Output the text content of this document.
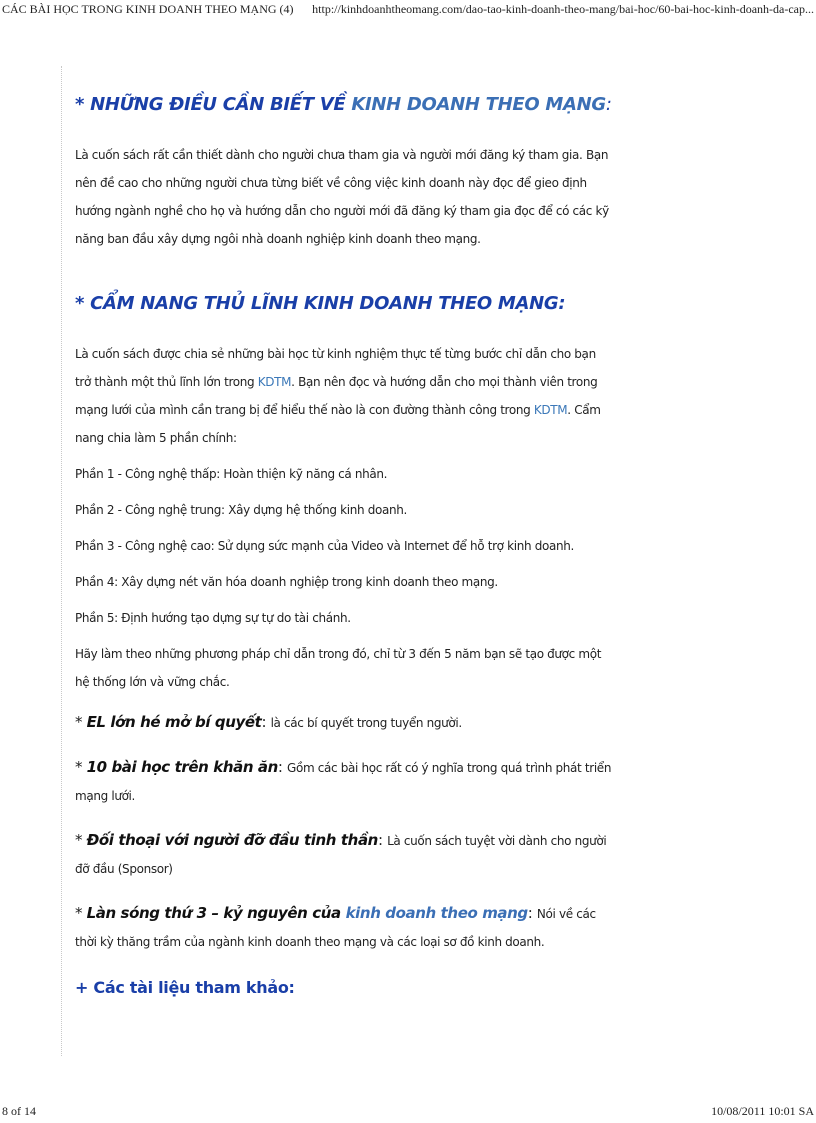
CÁC BÀI HỌC TRONG KINH DOANH THEO MẠNG (4) http://kinhdoanhtheomang.com/dao-tao-kinh-doanh-theo-mang/bai-hoc/60-bai-hoc-kinh-doanh-da-cap...
* NHỮNG ĐIỀU CẦN BIẾT VỀ KINH DOANH THEO MẠNG:

Là cuốn sách rất cần thiết dành cho người chưa tham gia và người mới đăng ký tham gia. Bạn nên đề cao cho những người chưa từng biết về công việc kinh doanh này đọc để gieo định hướng ngành nghề cho họ và hướng dẫn cho người mới đã đăng ký tham gia đọc để có các kỹ năng ban đầu xây dựng ngôi nhà doanh nghiệp kinh doanh theo mạng.

* CẨM NANG THỦ LĨNH KINH DOANH THEO MẠNG:

Là cuốn sách được chia sẻ những bài học từ kinh nghiệm thực tế từng bước chỉ dẫn cho bạn trở thành một thủ lĩnh lớn trong KDTM. Bạn nên đọc và hướng dẫn cho mọi thành viên trong mạng lưới của mình cần trang bị để hiểu thế nào là con đường thành công trong KDTM. Cẩm nang chia làm 5 phần chính:

Phần 1 - Công nghệ thấp: Hoàn thiện kỹ năng cá nhân.

Phần 2 - Công nghệ trung: Xây dựng hệ thống kinh doanh.

Phần 3 - Công nghệ cao: Sử dụng sức mạnh của Video và Internet để hỗ trợ kinh doanh.

Phần 4: Xây dựng nét văn hóa doanh nghiệp trong kinh doanh theo mạng.

Phần 5: Định hướng tạo dựng sự tự do tài chánh.

Hãy làm theo những phương pháp chỉ dẫn trong đó, chỉ từ 3 đến 5 năm bạn sẽ tạo được một hệ thống lớn và vững chắc.

* EL lớn hé mở bí quyết: là các bí quyết trong tuyển người.

* 10 bài học trên khăn ăn: Gồm các bài học rất có ý nghĩa trong quá trình phát triển mạng lưới.

* Đối thoại với người đỡ đầu tinh thần: Là cuốn sách tuyệt vời dành cho người đỡ đầu (Sponsor)

* Làn sóng thứ 3 – kỷ nguyên của kinh doanh theo mạng: Nói về các thời kỳ thăng trầm của ngành kinh doanh theo mạng và các loại sơ đồ kinh doanh.

+ Các tài liệu tham khảo:
8 of 14	10/08/2011 10:01 SA
